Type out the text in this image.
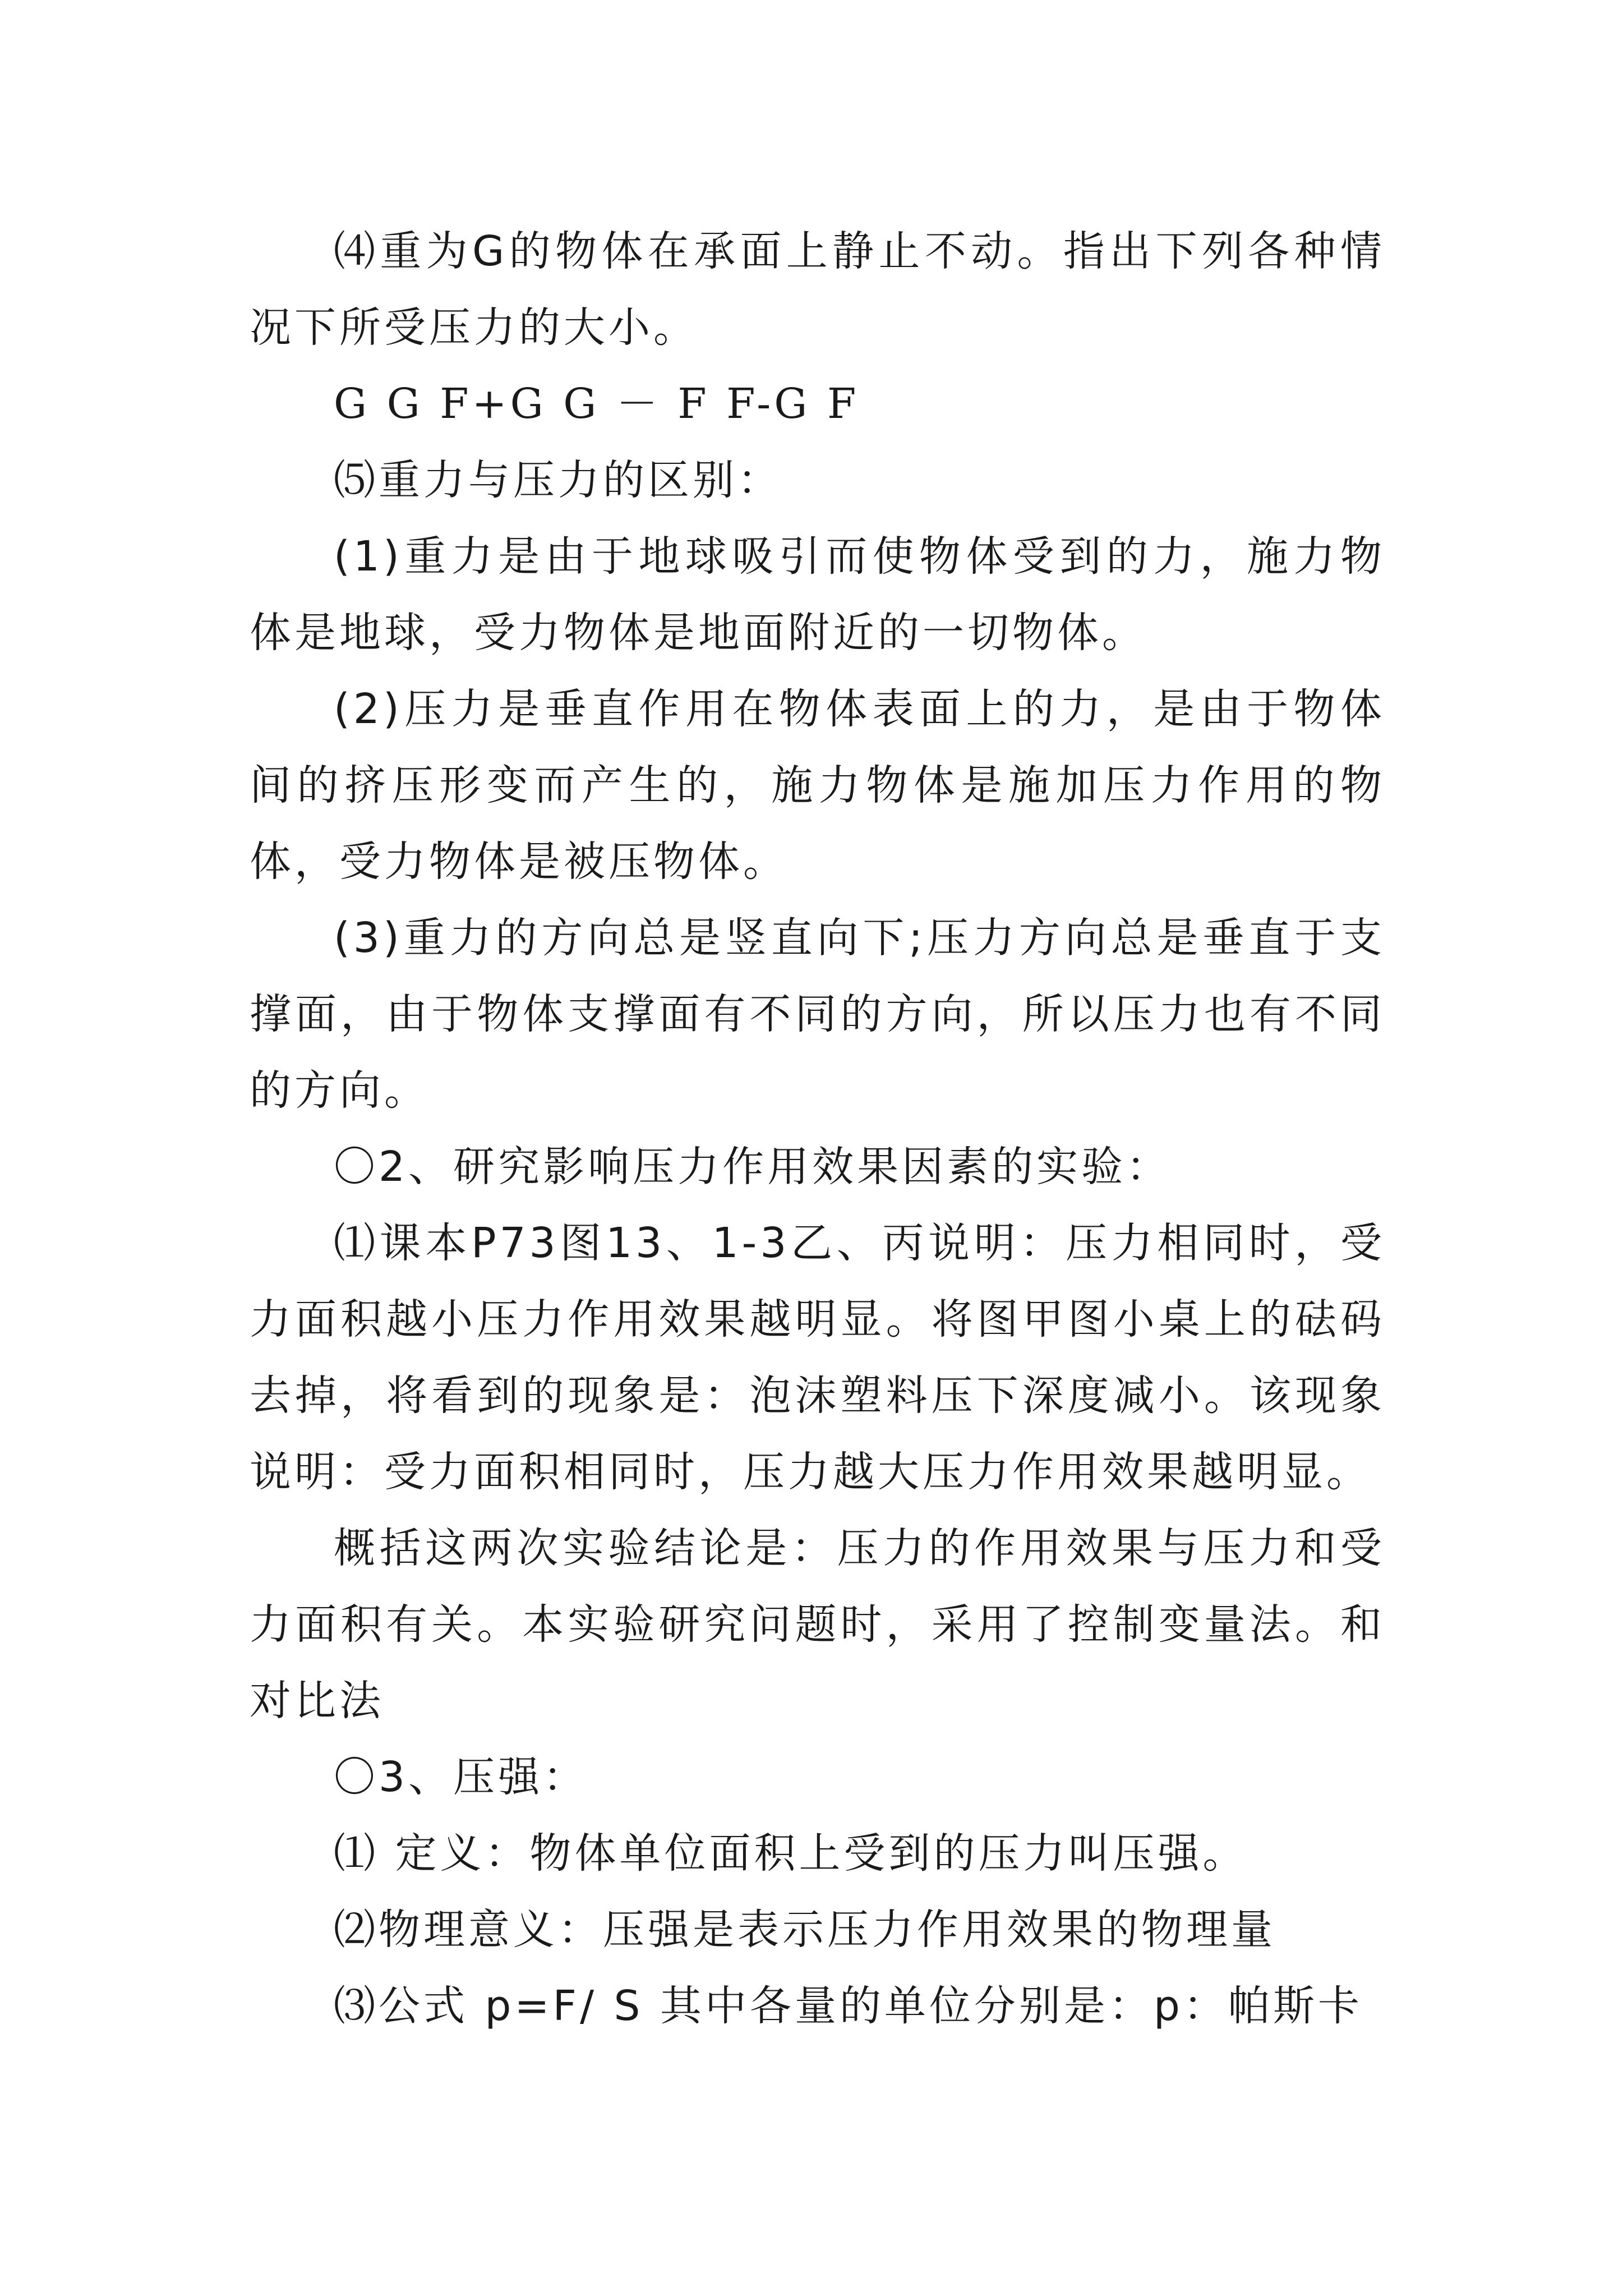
⑷重为G的物体在承面上静止不动。指出下列各种情况下所受压力的大小。

G G F+G G － F F-G F

⑸重力与压力的区别：

(1)重力是由于地球吸引而使物体受到的力，施力物体是地球，受力物体是地面附近的一切物体。

(2)压力是垂直作用在物体表面上的力，是由于物体间的挤压形变而产生的，施力物体是施加压力作用的物体，受力物体是被压物体。

(3)重力的方向总是竖直向下;压力方向总是垂直于支撑面，由于物体支撑面有不同的方向，所以压力也有不同的方向。

〇2、研究影响压力作用效果因素的实验：

⑴课本P73图13、1-3乙、丙说明：压力相同时，受力面积越小压力作用效果越明显。将图甲图小桌上的砝码去掉，将看到的现象是：泡沫塑料压下深度减小。该现象说明：受力面积相同时，压力越大压力作用效果越明显。

概括这两次实验结论是：压力的作用效果与压力和受力面积有关。本实验研究问题时，采用了控制变量法。和 对比法

〇3、压强：

⑴ 定义：物体单位面积上受到的压力叫压强。

⑵物理意义：压强是表示压力作用效果的物理量

⑶公式 p=F/ S 其中各量的单位分别是：p：帕斯卡
